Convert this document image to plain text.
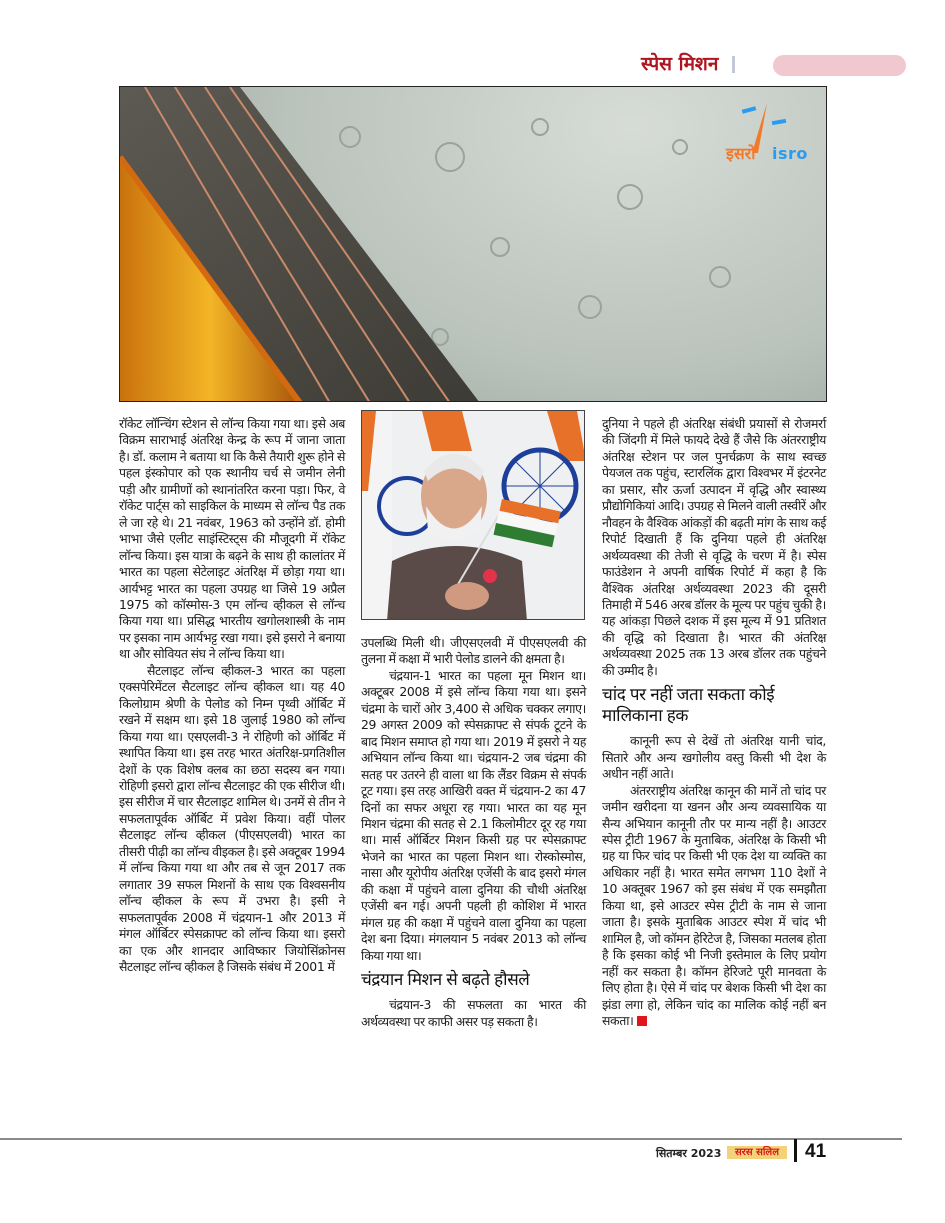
स्पेस मिशन
इसरो isro

रॉकेट लॉन्चिंग स्टेशन से लॉन्च किया गया था। इसे अब विक्रम साराभाई अंतरिक्ष केन्द्र के रूप में जाना जाता है। डॉ. कलाम ने बताया था कि कैसे तैयारी शुरू होने से पहल इंस्कोपार को एक स्थानीय चर्च से जमीन लेनी पड़ी और ग्रामीणों को स्थानांतरित करना पड़ा। फिर, वे रॉकेट पार्ट्स को साइकिल के माध्यम से लॉन्च पैड तक ले जा रहे थे। 21 नवंबर, 1963 को उन्होंने डॉ. होमी भाभा जैसे एलीट साइंस्टिस्ट्स की मौजूदगी में रॉकेट लॉन्च किया। इस यात्रा के बढ़ने के साथ ही कालांतर में भारत का पहला सेटेलाइट अंतरिक्ष में छोड़ा गया था। आर्यभट्ट भारत का पहला उपग्रह था जिसे 19 अप्रैल 1975 को कॉस्मोस-3 एम लॉन्च व्हीकल से लॉन्च किया गया था। प्रसिद्ध भारतीय खगोलशास्त्री के नाम पर इसका नाम आर्यभट्ट रखा गया। इसे इसरो ने बनाया था और सोवियत संघ ने लॉन्च किया था।

सैटलाइट लॉन्च व्हीकल-3 भारत का पहला एक्सपेरिमेंटल सैटलाइट लॉन्च व्हीकल था। यह 40 किलोग्राम श्रेणी के पेलोड को निम्न पृथ्वी ऑर्बिट में रखने में सक्षम था। इसे 18 जुलाई 1980 को लॉन्च किया गया था। एसएलवी-3 ने रोहिणी को ऑर्बिट में स्थापित किया था। इस तरह भारत अंतरिक्ष-प्रगतिशील देशों के एक विशेष क्लब का छठा सदस्य बन गया। रोहिणी इसरो द्वारा लॉन्च सैटलाइट की एक सीरीज थी। इस सीरीज में चार सैटलाइट शामिल थे। उनमें से तीन ने सफलतापूर्वक ऑर्बिट में प्रवेश किया। वहीं पोलर सैटलाइट लॉन्च व्हीकल (पीएसएलवी) भारत का तीसरी पीढ़ी का लॉन्च वीइकल है। इसे अक्टूबर 1994 में लॉन्च किया गया था और तब से जून 2017 तक लगातार 39 सफल मिशनों के साथ एक विश्वसनीय लॉन्च व्हीकल के रूप में उभरा है। इसी ने सफलतापूर्वक 2008 में चंद्रयान-1 और 2013 में मंगल ऑर्बिटर स्पेसक्राफ्ट को लॉन्च किया था। इसरो का एक और शानदार आविष्कार जियोसिंक्रोनस सैटलाइट लॉन्च व्हीकल है जिसके संबंध में 2001 में

उपलब्धि मिली थी। जीएसएलवी में पीएसएलवी की तुलना में कक्षा में भारी पेलोड डालने की क्षमता है।

चंद्रयान-1 भारत का पहला मून मिशन था। अक्टूबर 2008 में इसे लॉन्च किया गया था। इसने चंद्रमा के चारों ओर 3,400 से अधिक चक्कर लगाए। 29 अगस्त 2009 को स्पेसक्राफ्ट से संपर्क टूटने के बाद मिशन समाप्त हो गया था। 2019 में इसरो ने यह अभियान लॉन्च किया था। चंद्रयान-2 जब चंद्रमा की सतह पर उतरने ही वाला था कि लैंडर विक्रम से संपर्क टूट गया। इस तरह आखिरी वक्त में चंद्रयान-2 का 47 दिनों का सफर अधूरा रह गया। भारत का यह मून मिशन चंद्रमा की सतह से 2.1 किलोमीटर दूर रह गया था। मार्स ऑर्बिटर मिशन किसी ग्रह पर स्पेसक्राफ्ट भेजने का भारत का पहला मिशन था। रोस्कोस्मोस, नासा और यूरोपीय अंतरिक्ष एजेंसी के बाद इसरो मंगल की कक्षा में पहुंचने वाला दुनिया की चौथी अंतरिक्ष एजेंसी बन गई। अपनी पहली ही कोशिश में भारत मंगल ग्रह की कक्षा में पहुंचने वाला दुनिया का पहला देश बना दिया। मंगलयान 5 नवंबर 2013 को लॉन्च किया गया था।

चंद्रयान मिशन से बढ़ते हौसले

चंद्रयान-3 की सफलता का भारत की अर्थव्यवस्था पर काफी असर पड़ सकता है।

दुनिया ने पहले ही अंतरिक्ष संबंधी प्रयासों से रोजमर्रा की जिंदगी में मिले फायदे देखे हैं जैसे कि अंतरराष्ट्रीय अंतरिक्ष स्टेशन पर जल पुनर्चक्रण के साथ स्वच्छ पेयजल तक पहुंच, स्टारलिंक द्वारा विश्वभर में इंटरनेट का प्रसार, सौर ऊर्जा उत्पादन में वृद्धि और स्वास्थ्य प्रौद्योगिकियां आदि। उपग्रह से मिलने वाली तस्वीरें और नौवहन के वैश्विक आंकड़ों की बढ़ती मांग के साथ कई रिपोर्ट दिखाती हैं कि दुनिया पहले ही अंतरिक्ष अर्थव्यवस्था की तेजी से वृद्धि के चरण में है। स्पेस फाउंडेशन ने अपनी वार्षिक रिपोर्ट में कहा है कि वैश्विक अंतरिक्ष अर्थव्यवस्था 2023 की दूसरी तिमाही में 546 अरब डॉलर के मूल्य पर पहुंच चुकी है। यह आंकड़ा पिछले दशक में इस मूल्य में 91 प्रतिशत की वृद्धि को दिखाता है। भारत की अंतरिक्ष अर्थव्यवस्था 2025 तक 13 अरब डॉलर तक पहुंचने की उम्मीद है।

चांद पर नहीं जता सकता कोई मालिकाना हक

कानूनी रूप से देखें तो अंतरिक्ष यानी चांद, सितारे और अन्य खगोलीय वस्तु किसी भी देश के अधीन नहीं आते।

अंतरराष्ट्रीय अंतरिक्ष कानून की मानें तो चांद पर जमीन खरीदना या खनन और अन्य व्यवसायिक या सैन्य अभियान कानूनी तौर पर मान्य नहीं है। आउटर स्पेस ट्रीटी 1967 के मुताबिक, अंतरिक्ष के किसी भी ग्रह या फिर चांद पर किसी भी एक देश या व्यक्ति का अधिकार नहीं है। भारत समेत लगभग 110 देशों ने 10 अक्तूबर 1967 को इस संबंध में एक समझौता किया था, इसे आउटर स्पेस ट्रीटी के नाम से जाना जाता है। इसके मुताबिक आउटर स्पेश में चांद भी शामिल है, जो कॉमन हेरिटेज है, जिसका मतलब होता है कि इसका कोई भी निजी इस्तेमाल के लिए प्रयोग नहीं कर सकता है। कॉमन हेरिजटे पूरी मानवता के लिए होता है। ऐसे में चांद पर बेशक किसी भी देश का झंडा लगा हो, लेकिन चांद का मालिक कोई नहीं बन सकता।

सितम्बर 2023	सरस सलिल	41
